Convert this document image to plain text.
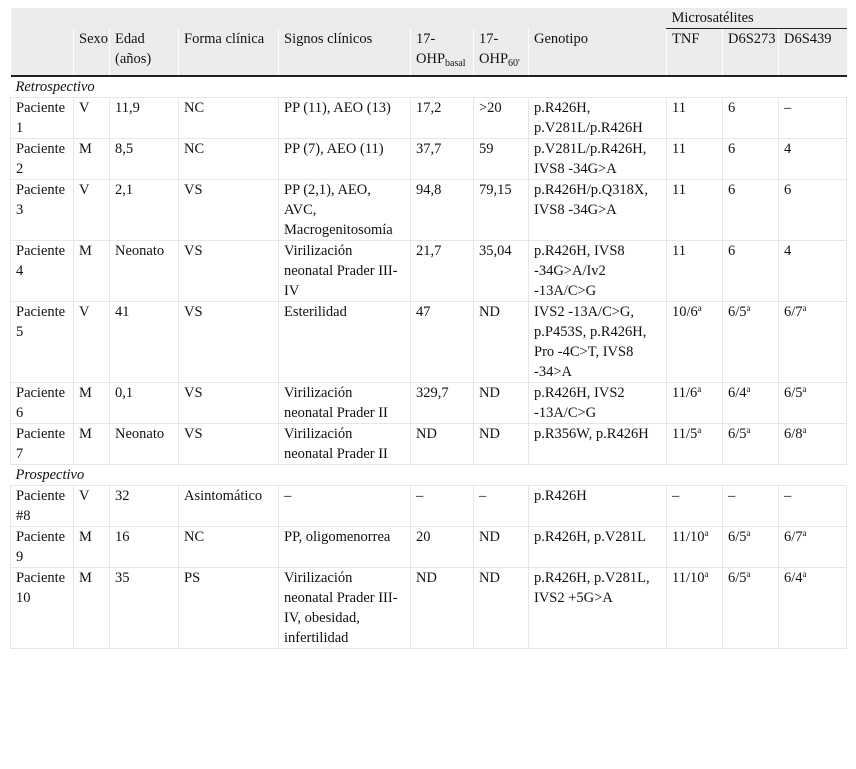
								Microsatélites		
	Sexo	Edad (años)	Forma clínica	Signos clínicos	$17-OHP_{basal}$	$17-OHP_{60'}$	Genotipo	TNF	D6S273	D6S439
Retrospectivo										
Paciente 1	V	11,9	NC	PP (11), AEO (13)	17,2	>20	p.R426H, p.V281L/p.R426H	11	6	–
Paciente 2	M	8,5	NC	PP (7), AEO (11)	37,7	59	p.V281L/p.R426H, IVS8 -34G>A	11	6	4
Paciente 3	V	2,1	VS	PP (2,1), AEO, AVC, Macrogenitosomía	94,8	79,15	p.R426H/p.Q318X, IVS8 -34G>A	11	6	6
Paciente 4	M	Neonato	VS	Virilización neonatal Prader III-IV	21,7	35,04	p.R426H, IVS8 -34G>A/Iv2 -13A/C>G	11	6	4
Paciente 5	V	41	VS	Esterilidad	47	ND	IVS2 -13A/C>G, p.P453S, p.R426H, Pro -4C>T, IVS8 -34>A	10/6$^a$	6/5$^a$	6/7$^a$
Paciente 6	M	0,1	VS	Virilización neonatal Prader II	329,7	ND	p.R426H, IVS2 -13A/C>G	11/6$^a$	6/4$^a$	6/5$^a$
Paciente 7	M	Neonato	VS	Virilización neonatal Prader II	ND	ND	p.R356W, p.R426H	11/5$^a$	6/5$^a$	6/8$^a$
Prospectivo										
Paciente #8	V	32	Asintomático	–	–	–	p.R426H	–	–	–
Paciente 9	M	16	NC	PP, oligomenorrea	20	ND	p.R426H, p.V281L	11/10$^a$	6/5$^a$	6/7$^a$
Paciente 10	M	35	PS	Virilización neonatal Prader III-IV, obesidad, infertilidad	ND	ND	p.R426H, p.V281L, IVS2 +5G>A	11/10$^a$	6/5$^a$	6/4$^a$
